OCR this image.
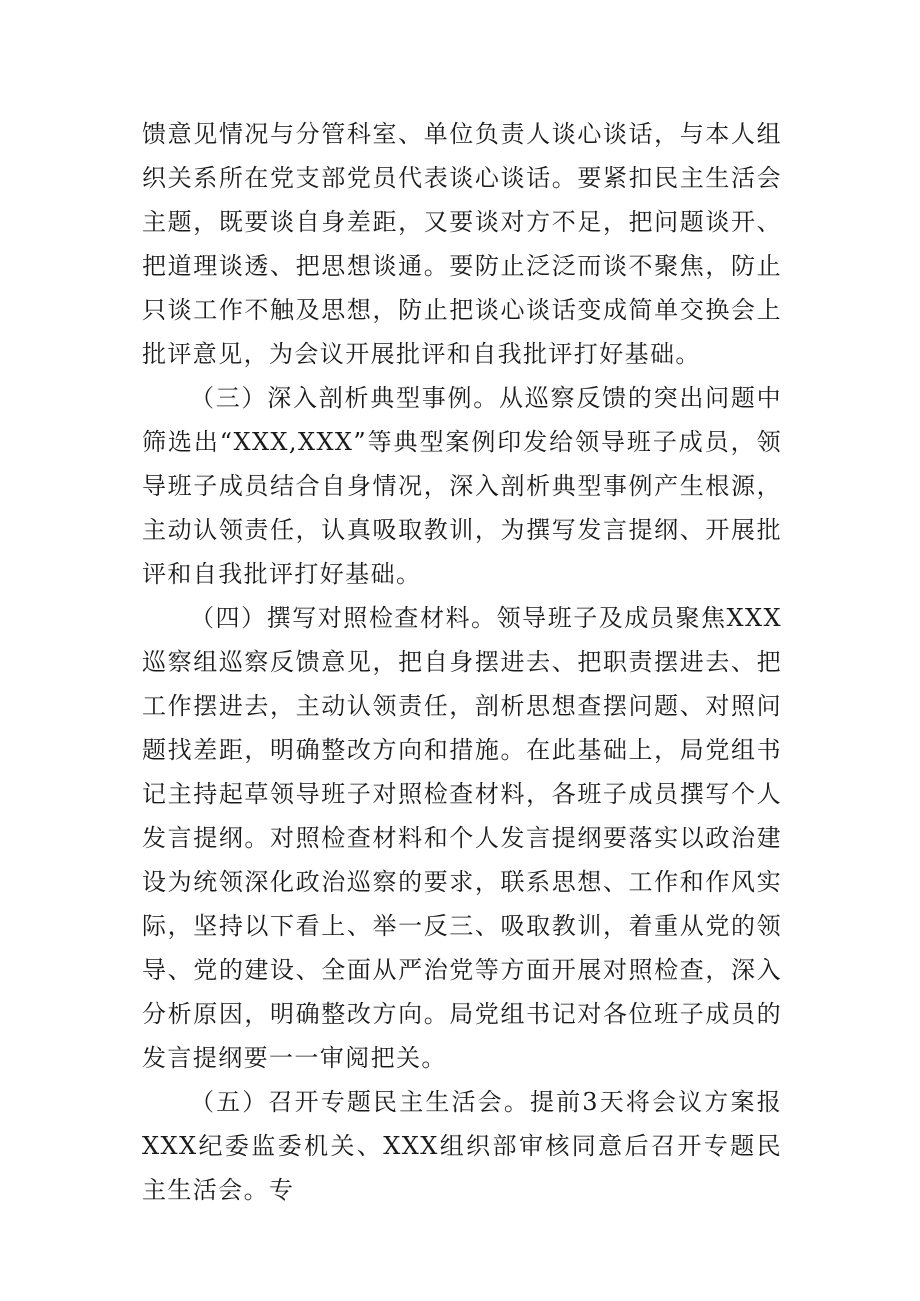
馈意见情况与分管科室、单位负责人谈心谈话，与本人组织关系所在党支部党员代表谈心谈话。要紧扣民主生活会主题，既要谈自身差距，又要谈对方不足，把问题谈开、把道理谈透、把思想谈通。要防止泛泛而谈不聚焦，防止只谈工作不触及思想，防止把谈心谈话变成简单交换会上批评意见，为会议开展批评和自我批评打好基础。

（三）深入剖析典型事例。从巡察反馈的突出问题中筛选出“XXX,XXX”等典型案例印发给领导班子成员，领导班子成员结合自身情况，深入剖析典型事例产生根源，主动认领责任，认真吸取教训，为撰写发言提纲、开展批评和自我批评打好基础。

（四）撰写对照检查材料。领导班子及成员聚焦XXX巡察组巡察反馈意见，把自身摆进去、把职责摆进去、把工作摆进去，主动认领责任，剖析思想查摆问题、对照问题找差距，明确整改方向和措施。在此基础上，局党组书记主持起草领导班子对照检查材料，各班子成员撰写个人发言提纲。对照检查材料和个人发言提纲要落实以政治建设为统领深化政治巡察的要求，联系思想、工作和作风实际，坚持以下看上、举一反三、吸取教训，着重从党的领导、党的建设、全面从严治党等方面开展对照检查，深入分析原因，明确整改方向。局党组书记对各位班子成员的发言提纲要一一审阅把关。

（五）召开专题民主生活会。提前3天将会议方案报XXX纪委监委机关、XXX组织部审核同意后召开专题民主生活会。专
